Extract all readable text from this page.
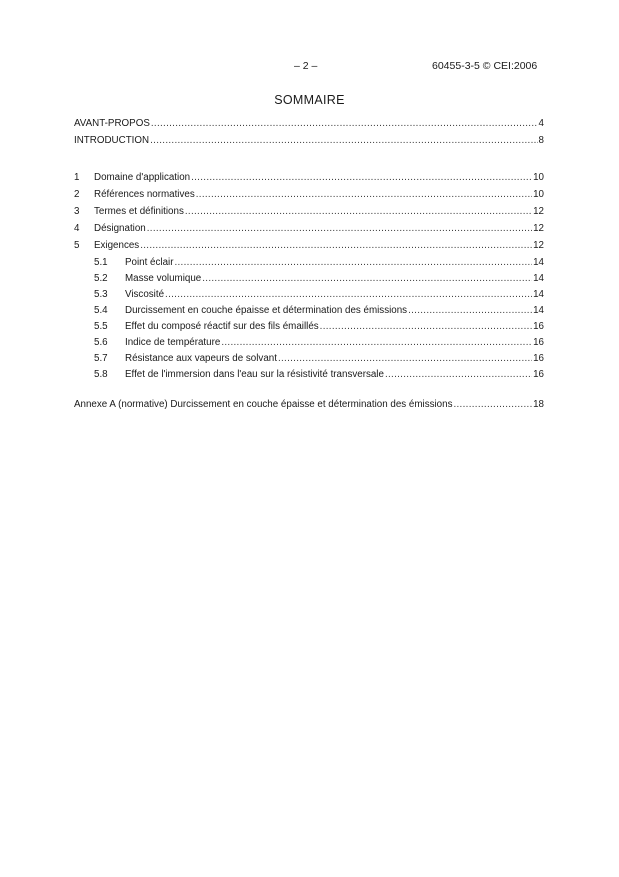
– 2 –	60455-3-5 © CEI:2006
SOMMAIRE
AVANT-PROPOS . . .	4
INTRODUCTION . . .	8
1	Domaine d'application . . .	10
2	Références normatives . . .	10
3	Termes et définitions . . .	12
4	Désignation . . .	12
5	Exigences . . .	12
5.1	Point éclair . . .	14
5.2	Masse volumique . . .	14
5.3	Viscosité . . .	14
5.4	Durcissement en couche épaisse et détermination des émissions . . .	14
5.5	Effet du composé réactif sur des fils émaillés . . .	16
5.6	Indice de température . . .	16
5.7	Résistance aux vapeurs de solvant . . .	16
5.8	Effet de l'immersion dans l'eau sur la résistivité transversale . . .	16
Annexe A (normative) Durcissement en couche épaisse et détermination des émissions . . .	18
